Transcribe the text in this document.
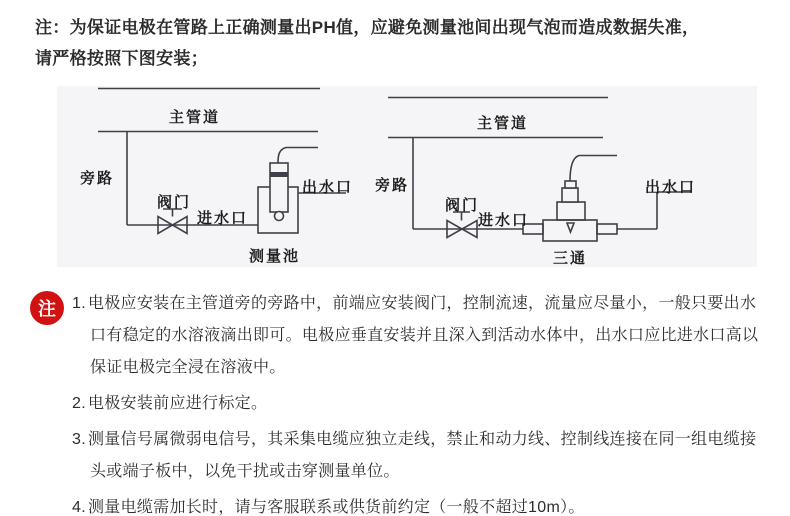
注：为保证电极在管路上正确测量出PH值，应避免测量池间出现气泡而造成数据失准，
请严格按照下图安装；
主管道
旁路
阀门
进水口
出水口
测量池
主管道
旁路
阀门
进水口
出水口
三通
注	1. 电极应安装在主管道旁的旁路中，前端应安装阀门，控制流速，流量应尽量小，一般只要出水口有稳定的水溶液滴出即可。电极应垂直安装并且深入到活动水体中，出水口应比进水口高以保证电极完全浸在溶液中。
2. 电极安装前应进行标定。
3. 测量信号属微弱电信号，其采集电缆应独立走线，禁止和动力线、控制线连接在同一组电缆接头或端子板中，以免干扰或击穿测量单位。
4. 测量电缆需加长时，请与客服联系或供货前约定（一般不超过10m）。
